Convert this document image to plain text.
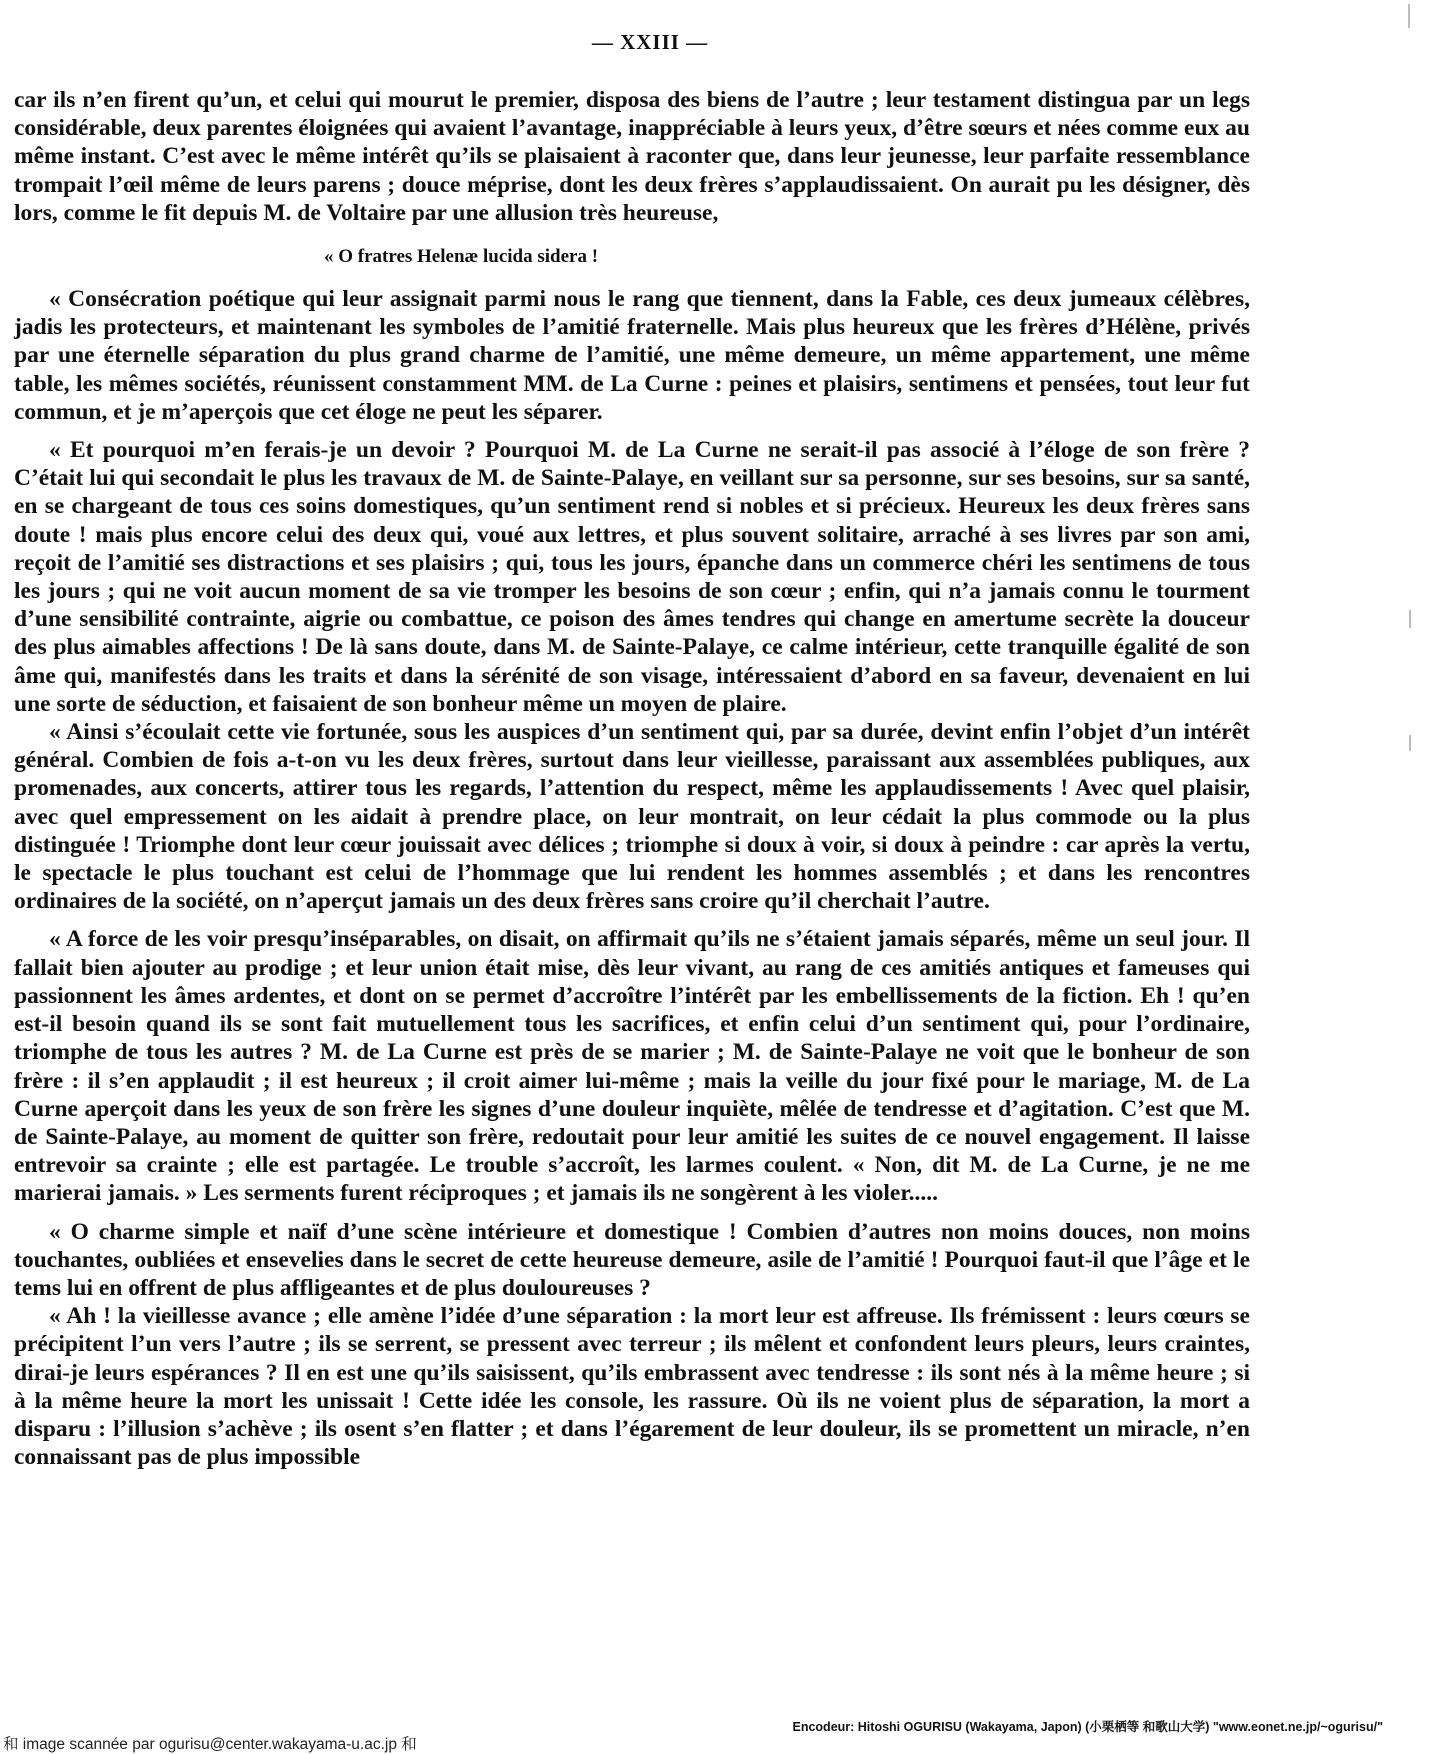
— XXIII —

car ils n’en firent qu’un, et celui qui mourut le premier, disposa des biens de l’autre ; leur testament distingua par un legs considérable, deux parentes éloignées qui avaient l’avantage, inappréciable à leurs yeux, d’être sœurs et nées comme eux au même instant. C’est avec le même intérêt qu’ils se plaisaient à raconter que, dans leur jeunesse, leur parfaite ressemblance trompait l’œil même de leurs parens ; douce méprise, dont les deux frères s’applaudissaient. On aurait pu les désigner, dès lors, comme le fit depuis M. de Voltaire par une allusion très heureuse,

« O fratres Helenæ lucida sidera !

« Consécration poétique qui leur assignait parmi nous le rang que tiennent, dans la Fable, ces deux jumeaux célèbres, jadis les protecteurs, et maintenant les symboles de l’amitié fraternelle. Mais plus heureux que les frères d’Hélène, privés par une éternelle séparation du plus grand charme de l’amitié, une même demeure, un même appartement, une même table, les mêmes sociétés, réunissent constamment MM. de La Curne : peines et plaisirs, sentimens et pensées, tout leur fut commun, et je m’aperçois que cet éloge ne peut les séparer.

« Et pourquoi m’en ferais-je un devoir ? Pourquoi M. de La Curne ne serait-il pas associé à l’éloge de son frère ? C’était lui qui secondait le plus les travaux de M. de Sainte-Palaye, en veillant sur sa personne, sur ses besoins, sur sa santé, en se chargeant de tous ces soins domestiques, qu’un sentiment rend si nobles et si précieux. Heureux les deux frères sans doute ! mais plus encore celui des deux qui, voué aux lettres, et plus souvent solitaire, arraché à ses livres par son ami, reçoit de l’amitié ses distractions et ses plaisirs ; qui, tous les jours, épanche dans un commerce chéri les sentimens de tous les jours ; qui ne voit aucun moment de sa vie tromper les besoins de son cœur ; enfin, qui n’a jamais connu le tourment d’une sensibilité contrainte, aigrie ou combattue, ce poison des âmes tendres qui change en amertume secrète la douceur des plus aimables affections ! De là sans doute, dans M. de Sainte-Palaye, ce calme intérieur, cette tranquille égalité de son âme qui, manifestés dans les traits et dans la sérénité de son visage, intéressaient d’abord en sa faveur, devenaient en lui une sorte de séduction, et faisaient de son bonheur même un moyen de plaire.

« Ainsi s’écoulait cette vie fortunée, sous les auspices d’un sentiment qui, par sa durée, devint enfin l’objet d’un intérêt général. Combien de fois a-t-on vu les deux frères, surtout dans leur vieillesse, paraissant aux assemblées publiques, aux promenades, aux concerts, attirer tous les regards, l’attention du respect, même les applaudissements ! Avec quel plaisir, avec quel empressement on les aidait à prendre place, on leur montrait, on leur cédait la plus commode ou la plus distinguée ! Triomphe dont leur cœur jouissait avec délices ; triomphe si doux à voir, si doux à peindre : car après la vertu, le spectacle le plus touchant est celui de l’hommage que lui rendent les hommes assemblés ; et dans les rencontres ordinaires de la société, on n’aperçut jamais un des deux frères sans croire qu’il cherchait l’autre.

« A force de les voir presqu’inséparables, on disait, on affirmait qu’ils ne s’étaient jamais séparés, même un seul jour. Il fallait bien ajouter au prodige ; et leur union était mise, dès leur vivant, au rang de ces amitiés antiques et fameuses qui passionnent les âmes ardentes, et dont on se permet d’accroître l’intérêt par les embellissements de la fiction. Eh ! qu’en est-il besoin quand ils se sont fait mutuellement tous les sacrifices, et enfin celui d’un sentiment qui, pour l’ordinaire, triomphe de tous les autres ? M. de La Curne est près de se marier ; M. de Sainte-Palaye ne voit que le bonheur de son frère : il s’en applaudit ; il est heureux ; il croit aimer lui-même ; mais la veille du jour fixé pour le mariage, M. de La Curne aperçoit dans les yeux de son frère les signes d’une douleur inquiète, mêlée de tendresse et d’agitation. C’est que M. de Sainte-Palaye, au moment de quitter son frère, redoutait pour leur amitié les suites de ce nouvel engagement. Il laisse entrevoir sa crainte ; elle est partagée. Le trouble s’accroît, les larmes coulent. « Non, dit M. de La Curne, je ne me marierai jamais. » Les serments furent réciproques ; et jamais ils ne songèrent à les violer.....

« O charme simple et naïf d’une scène intérieure et domestique ! Combien d’autres non moins douces, non moins touchantes, oubliées et ensevelies dans le secret de cette heureuse demeure, asile de l’amitié ! Pourquoi faut-il que l’âge et le tems lui en offrent de plus affligeantes et de plus douloureuses ?

« Ah ! la vieillesse avance ; elle amène l’idée d’une séparation : la mort leur est affreuse. Ils frémissent : leurs cœurs se précipitent l’un vers l’autre ; ils se serrent, se pressent avec terreur ; ils mêlent et confondent leurs pleurs, leurs craintes, dirai-je leurs espérances ? Il en est une qu’ils saisissent, qu’ils embrassent avec tendresse : ils sont nés à la même heure ; si à la même heure la mort les unissait ! Cette idée les console, les rassure. Où ils ne voient plus de séparation, la mort a disparu : l’illusion s’achève ; ils osent s’en flatter ; et dans l’égarement de leur douleur, ils se promettent un miracle, n’en connaissant pas de plus impossible

Encodeur: Hitoshi OGURISU (Wakayama, Japon) (小栗栖等 和歌山大学) "www.eonet.ne.jp/~ogurisu/"
和 image scannée par ogurisu@center.wakayama-u.ac.jp 和
